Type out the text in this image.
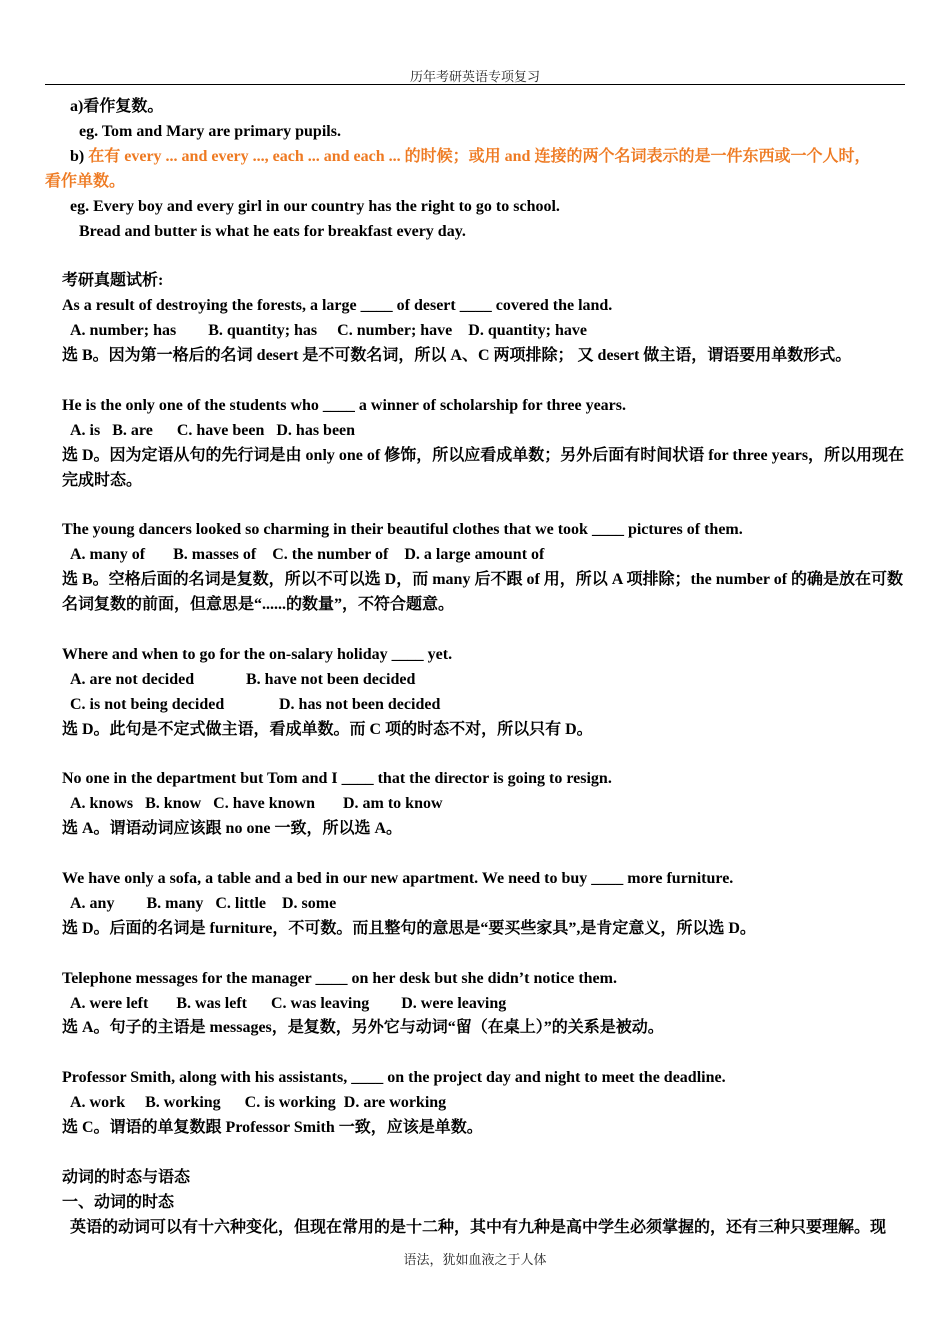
历年考研英语专项复习
a)看作复数。
eg. Tom and Mary are primary pupils.
b) 在有 every ... and every ..., each ... and each ... 的时候；或用 and 连接的两个名词表示的是一件东西或一个人时，
看作单数。
eg. Every boy and every girl in our country has the right to go to school.
Bread and butter is what he eats for breakfast every day.
考研真题试析:
As a result of destroying the forests, a large ____ of desert ____ covered the land.
A. number; has        B. quantity; has     C. number; have    D. quantity; have
选 B。因为第一格后的名词 desert 是不可数名词，所以 A、C 两项排除； 又 desert 做主语，谓语要用单数形式。
He is the only one of the students who ____ a winner of scholarship for three years.
A. is   B. are      C. have been   D. has been
选 D。因为定语从句的先行词是由 only one of 修饰，所以应看成单数；另外后面有时间状语 for three years，所以用现在完成时态。
The young dancers looked so charming in their beautiful clothes that we took ____ pictures of them.
A. many of       B. masses of    C. the number of    D. a large amount of
选 B。空格后面的名词是复数，所以不可以选 D，而 many 后不跟 of 用，所以 A 项排除；the number of 的确是放在可数名词复数的前面，但意思是“......的数量”，不符合题意。
Where and when to go for the on-salary holiday ____ yet.
A. are not decided	B. have not been decided
C. is not being decided	D. has not been decided
选 D。此句是不定式做主语，看成单数。而 C 项的时态不对，所以只有 D。
No one in the department but Tom and I ____ that the director is going to resign.
A. knows   B. know   C. have known       D. am to know
选 A。谓语动词应该跟 no one 一致，所以选 A。
We have only a sofa, a table and a bed in our new apartment. We need to buy ____ more furniture.
A. any        B. many   C. little    D. some
选 D。后面的名词是 furniture，不可数。而且整句的意思是“要买些家具”,是肯定意义，所以选 D。
Telephone messages for the manager ____ on her desk but she didn’t notice them.
A. were left       B. was left      C. was leaving        D. were leaving
选 A。句子的主语是 messages，是复数，另外它与动词“留（在桌上）”的关系是被动。
Professor Smith, along with his assistants, ____ on the project day and night to meet the deadline.
A. work     B. working      C. is working  D. are working
选 C。谓语的单复数跟 Professor Smith 一致，应该是单数。
动词的时态与语态
一、动词的时态
英语的动词可以有十六种变化，但现在常用的是十二种，其中有九种是高中学生必须掌握的，还有三种只要理解。现
语法，犹如血液之于人体
